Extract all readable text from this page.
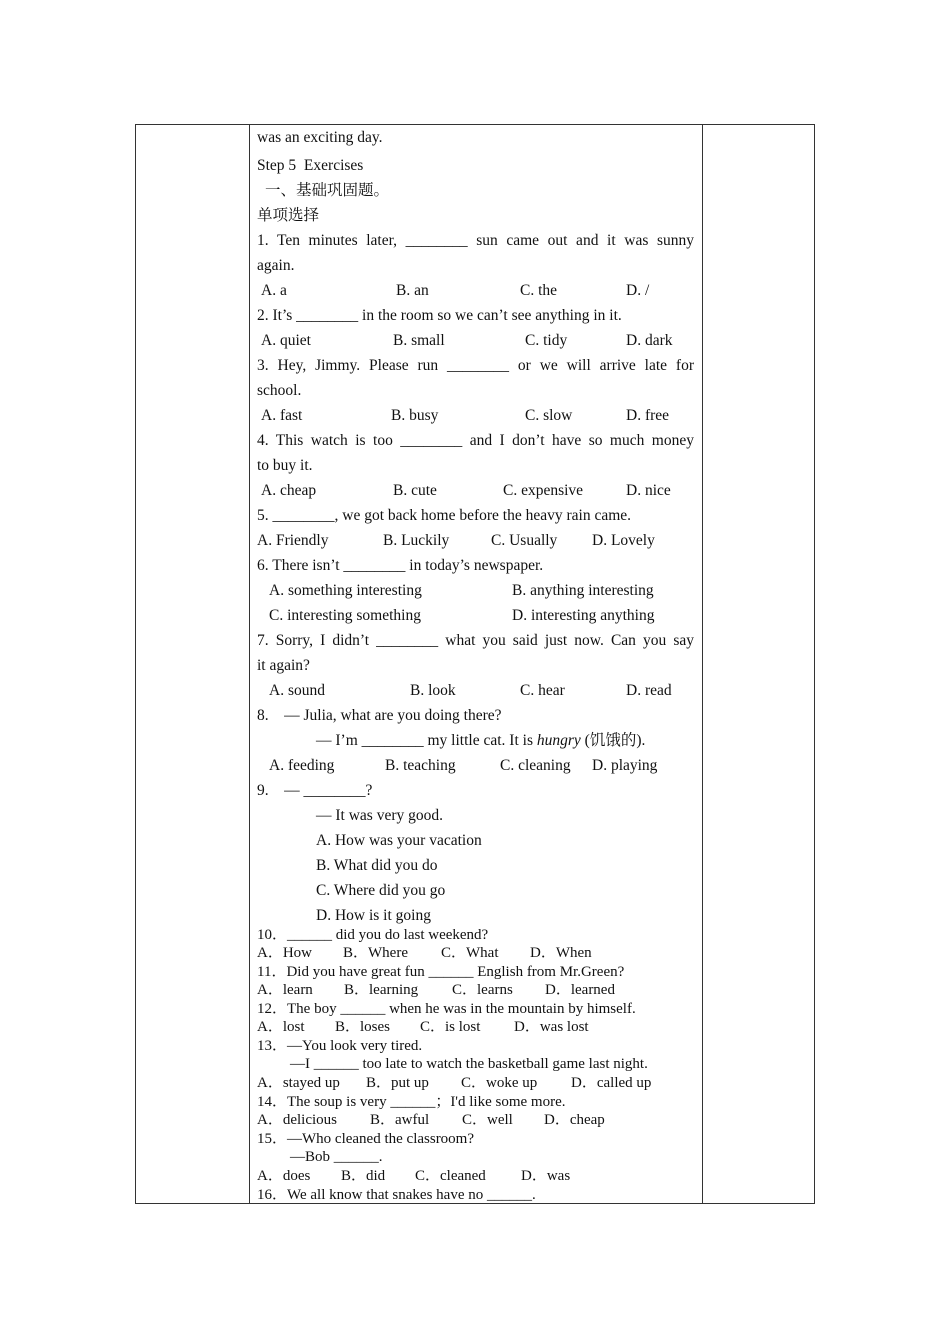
was an exciting day.
Step 5  Exercises
一、基础巩固题。
单项选择
1. Ten minutes later, ________ sun came out and it was sunny
again.

A. a

	B. an

	C. the

	D. /

2. It’s ________ in the room so we can’t see anything in it.

A. quiet

	B. small

	C. tidy

	D. dark

3. Hey, Jimmy. Please run ________ or we will arrive late for
school.

A. fast

	B. busy

	C. slow

	D. free

4. This watch is too ________ and I don’t have so much money
to buy it.

A. cheap

	B. cute

	C. expensive

	D. nice

5. ________, we got back home before the heavy rain came.

A. Friendly

	B. Luckily

	C. Usually

D. Lovely

6. There isn’t ________ in today’s newspaper.

A. something interesting

	B. anything interesting

C. interesting something

	D. interesting anything

7. Sorry, I didn’t ________ what you said just now. Can you say
it again?

A. sound

	B. look

	C. hear

	D. read

8.    — Julia, what are you doing there?
— I’m ________ my little cat. It is hungry (饥饿的).

A. feeding

	B. teaching

	C. cleaning

D. playing

9.    — ________?
— It was very good.
A. How was your vacation
B. What did you do
C. Where did you go
D. How is it going
10．______ did you do last weekend?

A．How

B．Where

C．What

D．When

11．Did you have great fun ______ English from Mr.Green?

A．learn

B．learning

C．learns

D．learned

12．The boy ______ when he was in the mountain by himself.

A．lost

B．loses

C．is lost

D．was lost

13．—You look very tired.
—I ______ too late to watch the basketball game last night.

A．stayed up

B．put up

C．woke up

D．called up

14．The soup is very ______；I'd like some more.

A．delicious

B．awful

C．well

D．cheap

15．—Who cleaned the classroom?
—Bob ______.

A．does

B．did

C．cleaned

D．was

16．We all know that snakes have no ______.
